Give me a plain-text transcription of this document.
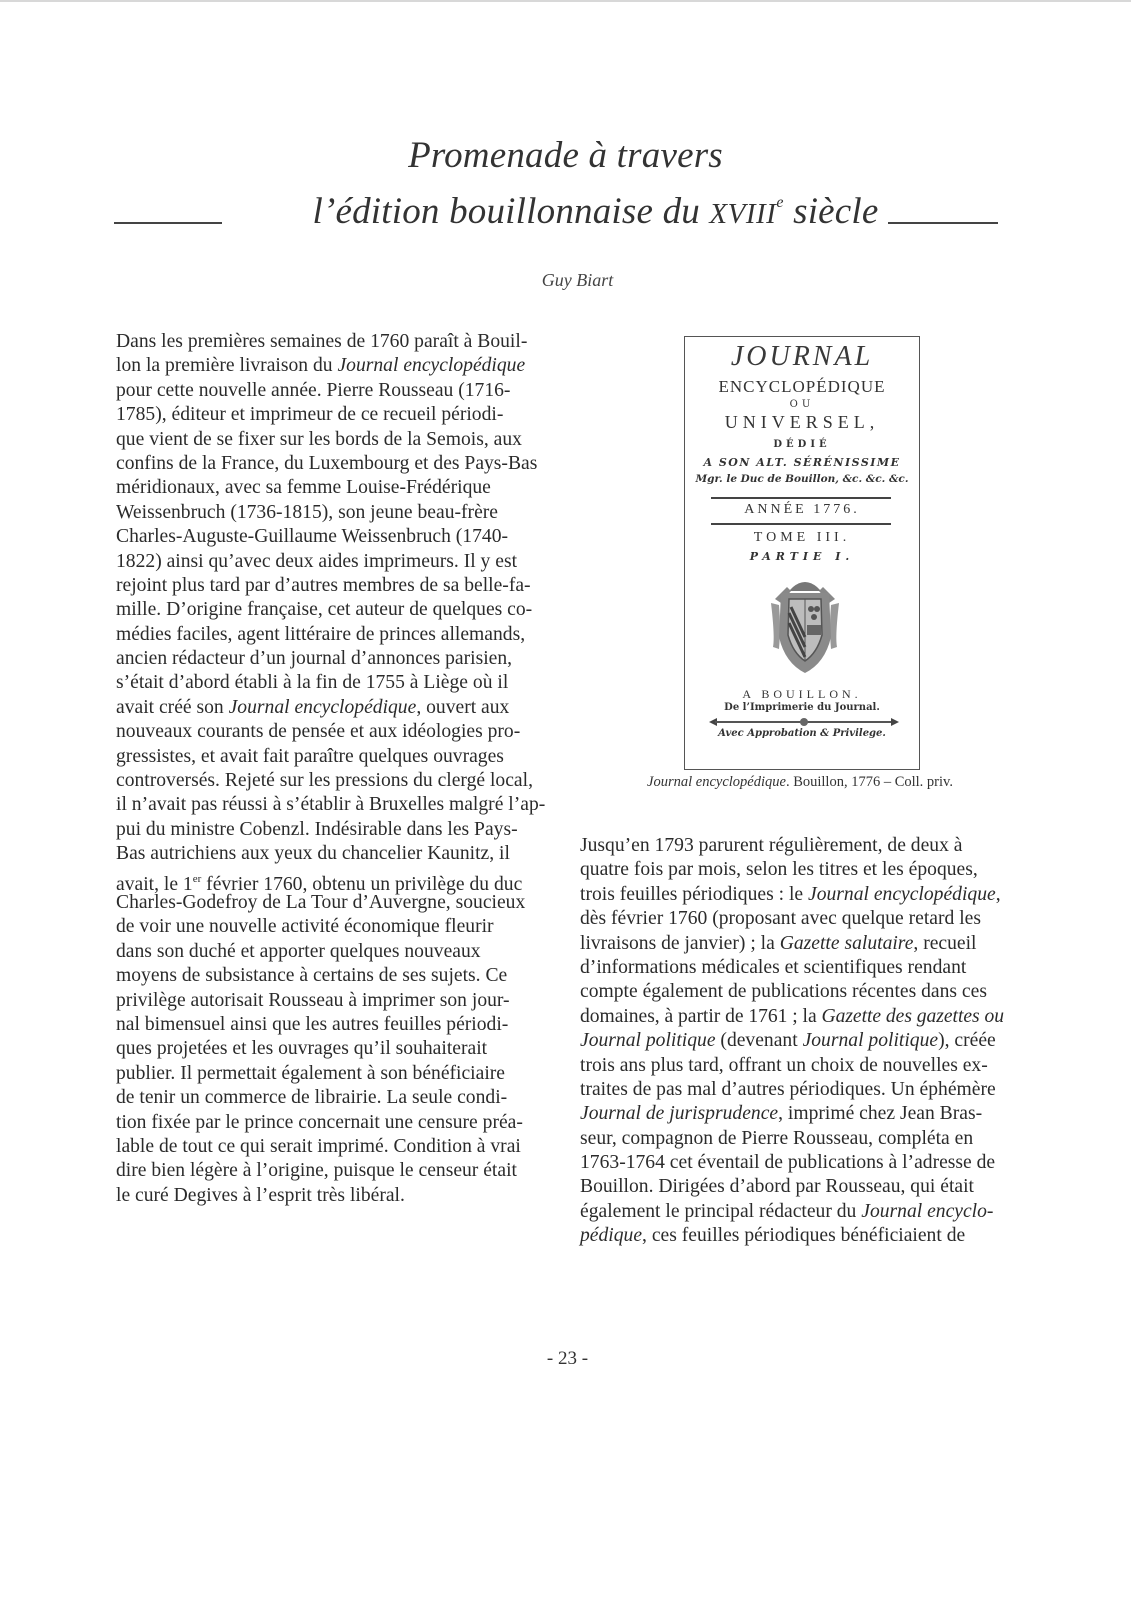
Promenade à travers
l’édition bouillonnaise du XVIIIe siècle
Guy Biart
Dans les premières semaines de 1760 paraît à Bouil-
lon la première livraison du Journal encyclopédique
pour cette nouvelle année. Pierre Rousseau (1716-
1785), éditeur et imprimeur de ce recueil périodi-
que vient de se fixer sur les bords de la Semois, aux
confins de la France, du Luxembourg et des Pays-Bas
méridionaux, avec sa femme Louise-Frédérique
Weissenbruch (1736-1815), son jeune beau-frère
Charles-Auguste-Guillaume Weissenbruch (1740-
1822) ainsi qu’avec deux aides imprimeurs. Il y est
rejoint plus tard par d’autres membres de sa belle-fa-
mille. D’origine française, cet auteur de quelques co-
médies faciles, agent littéraire de princes allemands,
ancien rédacteur d’un journal d’annonces parisien,
s’était d’abord établi à la fin de 1755 à Liège où il
avait créé son Journal encyclopédique, ouvert aux
nouveaux courants de pensée et aux idéologies pro-
gressistes, et avait fait paraître quelques ouvrages
controversés. Rejeté sur les pressions du clergé local,
il n’avait pas réussi à s’établir à Bruxelles malgré l’ap-
pui du ministre Cobenzl. Indésirable dans les Pays-
Bas autrichiens aux yeux du chancelier Kaunitz, il
avait, le 1er février 1760, obtenu un privilège du duc
Charles-Godefroy de La Tour d’Auvergne, soucieux
de voir une nouvelle activité économique fleurir
dans son duché et apporter quelques nouveaux
moyens de subsistance à certains de ses sujets. Ce
privilège autorisait Rousseau à imprimer son jour-
nal bimensuel ainsi que les autres feuilles périodi-
ques projetées et les ouvrages qu’il souhaiterait
publier. Il permettait également à son bénéficiaire
de tenir un commerce de librairie. La seule condi-
tion fixée par le prince concernait une censure préa-
lable de tout ce qui serait imprimé. Condition à vrai
dire bien légère à l’origine, puisque le censeur était
le curé Degives à l’esprit très libéral.
JOURNAL
ENCYCLOPÉDIQUE
OU
UNIVERSEL,
DÉDIÉ
A SON ALT. SÉRÉNISSIME
Mgr. le Duc de Bouillon, &c. &c. &c.
ANNÉE 1776.
TOME III.
PARTIE I.
A BOUILLON.
De l’Imprimerie du Journal.
Avec Approbation & Privilege.
Journal encyclopédique. Bouillon, 1776 – Coll. priv.
Jusqu’en 1793 parurent régulièrement, de deux à
quatre fois par mois, selon les titres et les époques,
trois feuilles périodiques : le Journal encyclopédique,
dès février 1760 (proposant avec quelque retard les
livraisons de janvier) ; la Gazette salutaire, recueil
d’informations médicales et scientifiques rendant
compte également de publications récentes dans ces
domaines, à partir de 1761 ; la Gazette des gazettes ou
Journal politique (devenant Journal politique), créée
trois ans plus tard, offrant un choix de nouvelles ex-
traites de pas mal d’autres périodiques. Un éphémère
Journal de jurisprudence, imprimé chez Jean Bras-
seur, compagnon de Pierre Rousseau, compléta en
1763-1764 cet éventail de publications à l’adresse de
Bouillon. Dirigées d’abord par Rousseau, qui était
également le principal rédacteur du Journal encyclo-
pédique, ces feuilles périodiques bénéficiaient de
- 23 -
